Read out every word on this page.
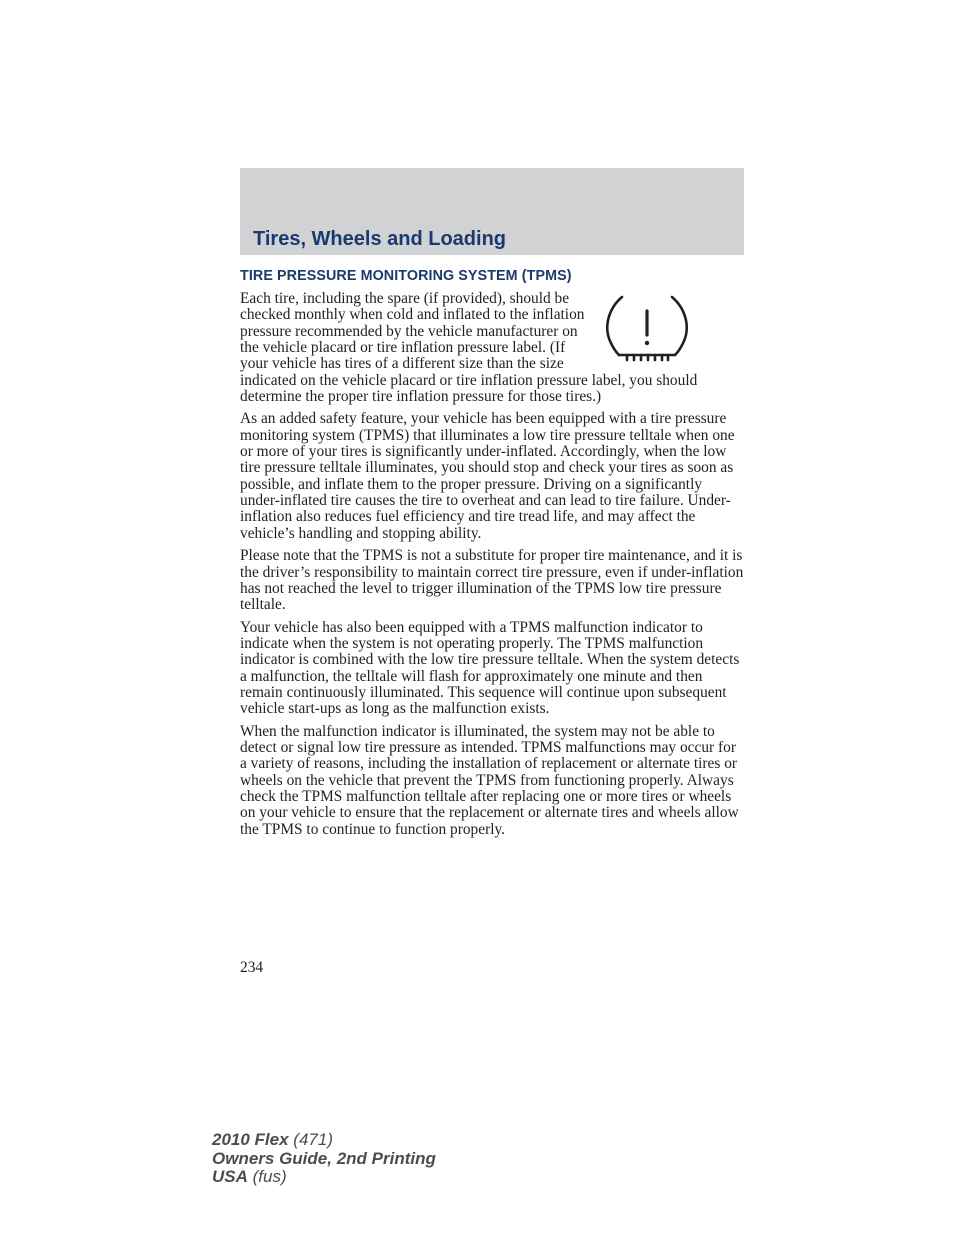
Tires, Wheels and Loading
TIRE PRESSURE MONITORING SYSTEM (TPMS)

Each tire, including the spare (if provided), should be checked monthly when cold and inflated to the inflation pressure recommended by the vehicle manufacturer on the vehicle placard or tire inflation pressure label. (If your vehicle has tires of a different size than the size indicated on the vehicle placard or tire inflation pressure label, you should determine the proper tire inflation pressure for those tires.)

As an added safety feature, your vehicle has been equipped with a tire pressure monitoring system (TPMS) that illuminates a low tire pressure telltale when one or more of your tires is significantly under-inflated. Accordingly, when the low tire pressure telltale illuminates, you should stop and check your tires as soon as possible, and inflate them to the proper pressure. Driving on a significantly under-inflated tire causes the tire to overheat and can lead to tire failure. Under-inflation also reduces fuel efficiency and tire tread life, and may affect the vehicle’s handling and stopping ability.

Please note that the TPMS is not a substitute for proper tire maintenance, and it is the driver’s responsibility to maintain correct tire pressure, even if under-inflation has not reached the level to trigger illumination of the TPMS low tire pressure telltale.

Your vehicle has also been equipped with a TPMS malfunction indicator to indicate when the system is not operating properly. The TPMS malfunction indicator is combined with the low tire pressure telltale. When the system detects a malfunction, the telltale will flash for approximately one minute and then remain continuously illuminated. This sequence will continue upon subsequent vehicle start-ups as long as the malfunction exists.

When the malfunction indicator is illuminated, the system may not be able to detect or signal low tire pressure as intended. TPMS malfunctions may occur for a variety of reasons, including the installation of replacement or alternate tires or wheels on the vehicle that prevent the TPMS from functioning properly. Always check the TPMS malfunction telltale after replacing one or more tires or wheels on your vehicle to ensure that the replacement or alternate tires and wheels allow the TPMS to continue to function properly.

234
2010 Flex (471)
Owners Guide, 2nd Printing
USA (fus)
